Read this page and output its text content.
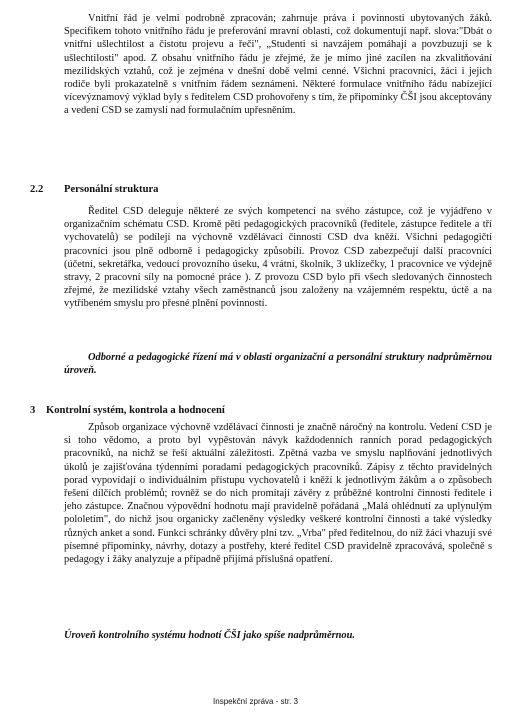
Vnitřní řád je velmi podrobně zpracován; zahrnuje práva i povinnosti ubytovaných žáků. Specifikem tohoto vnitřního řádu je preferování mravní oblasti, což dokumentují např. slova:"Dbát o vnitřní ušlechtilost a čistotu projevu a řeči", „Studenti si navzájem pomáhají a povzbuzují se k ušlechtilosti" apod. Z obsahu vnitřního řádu je zřejmé, že je mimo jiné zacílen na zkvalitňování mezilidských vztahů, což je zejména v dnešní době velmi cenné. Všichni pracovníci, žáci i jejich rodiče byli prokazatelně s vnitřním řádem seznámeni. Některé formulace vnitřního řádu nabízející vícevýznamový výklad byly s ředitelem CSD prohovořeny s tím, že připomínky ČŠI jsou akceptovány a vedení CSD se zamyslí nad formulačním upřesněním.

2.2 Personální struktura

Ředitel CSD deleguje některé ze svých kompetencí na svého zástupce, což je vyjádřeno v organizačním schématu CSD. Kromě pěti pedagogických pracovníků (ředitele, zástupce ředitele a tří vychovatelů) se podílejí na výchovně vzdělávací činnosti CSD dva kněží. Všichni pedagogičtí pracovníci jsou plně odborně i pedagogicky způsobilí. Provoz CSD zabezpečují další pracovníci (účetní, sekretářka, vedoucí provozního úseku, 4 vrátní, školník, 3 uklízečky, 1 pracovnice ve výdejně stravy, 2 pracovní síly na pomocné práce ). Z provozu CSD bylo při všech sledovaných činnostech zřejmé, že mezilidské vztahy všech zaměstnanců jsou založeny na vzájemném respektu, úctě a na vytříbeném smyslu pro přesné plnění povinností.

Odborné a pedagogické řízení má v oblasti organizační a personální struktury nadprůměrnou úroveň.

3 Kontrolní systém, kontrola a hodnocení

Způsob organizace výchovně vzdělávací činnosti je značně náročný na kontrolu. Vedení CSD je si toho vědomo, a proto byl vypěstován návyk každodenních ranních porad pedagogických pracovníků, na nichž se řeší aktuální záležitosti. Zpětná vazba ve smyslu naplňování jednotlivých úkolů je zajišťována týdenními poradami pedagogických pracovníků. Zápisy z těchto pravidelných porad vypovídají o individuálním přístupu vychovatelů i kněží k jednotlivým žákům a o způsobech řešení dílčích problémů; rovněž se do nich promítají závěry z průběžné kontrolní činnosti ředitele i jeho zástupce. Značnou výpovědní hodnotu mají pravidelně pořádaná „Malá ohlédnutí za uplynulým pololetím", do nichž jsou organicky začleněny výsledky veškeré kontrolní činnosti a také výsledky různých anket a sond. Funkci schránky důvěry plní tzv. „Vrba" před ředitelnou, do níž žáci vhazují své písemné připomínky, návrhy, dotazy a postřehy, které ředitel CSD pravidelně zpracovává, společně s pedagogy i žáky analyzuje a případně přijímá příslušná opatření.

Úroveň kontrolního systému hodnotí ČŠI jako spíše nadprůměrnou.

Inspekční zpráva - str. 3
